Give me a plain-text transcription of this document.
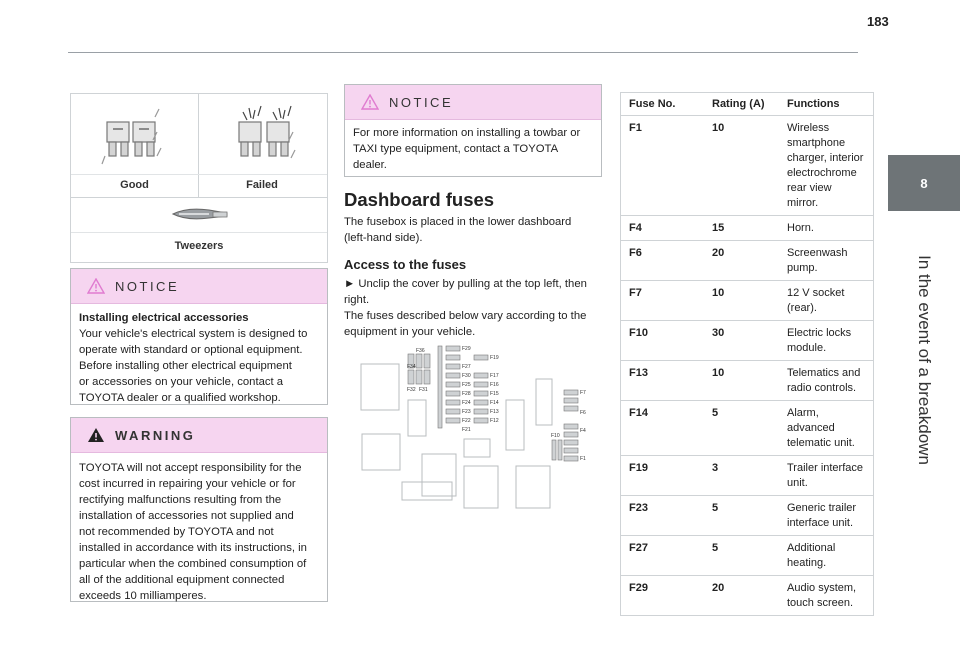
183
8
In the event of a breakdown
Good	Failed
Tweezers
NOTICE
Installing electrical accessories
Your vehicle's electrical system is designed to
operate with standard or optional equipment.
Before installing other electrical equipment
or accessories on your vehicle, contact a
TOYOTA dealer or a qualified workshop.
WARNING
TOYOTA will not accept responsibility for the
cost incurred in repairing your vehicle or for
rectifying malfunctions resulting from the
installation of accessories not supplied and
not recommended by TOYOTA and not
installed in accordance with its instructions, in
particular when the combined consumption of
all of the additional equipment connected
exceeds 10 milliamperes.
NOTICE
For more information on installing a towbar or
TAXI type equipment, contact a TOYOTA
dealer.
Dashboard fuses
The fusebox is placed in the lower dashboard
(left-hand side).
Access to the fuses
► Unclip the cover by pulling at the top left, then
right.
The fuses described below vary according to the
equipment in your vehicle.
F36
F34
F32 F31
F29
F27
F30
F25
F28
F24
F23
F22
F21
F19
F17
F16
F15
F14
F13
F12
F7
F6
F4
F1
F10
Fuse No.	Rating (A)	Functions
F1	10	Wireless
smartphone
charger, interior
electrochrome
rear view mirror.

F4	15	Horn.

F6	20	Screenwash
pump.

F7	10	12 V socket
(rear).

F10	30	Electric locks
module.

F13	10	Telematics and
radio controls.

F14	5	Alarm,
advanced
telematic unit.

F19	3	Trailer interface
unit.

F23	5	Generic trailer
interface unit.

F27	5	Additional
heating.

F29	20	Audio system,
touch screen.
